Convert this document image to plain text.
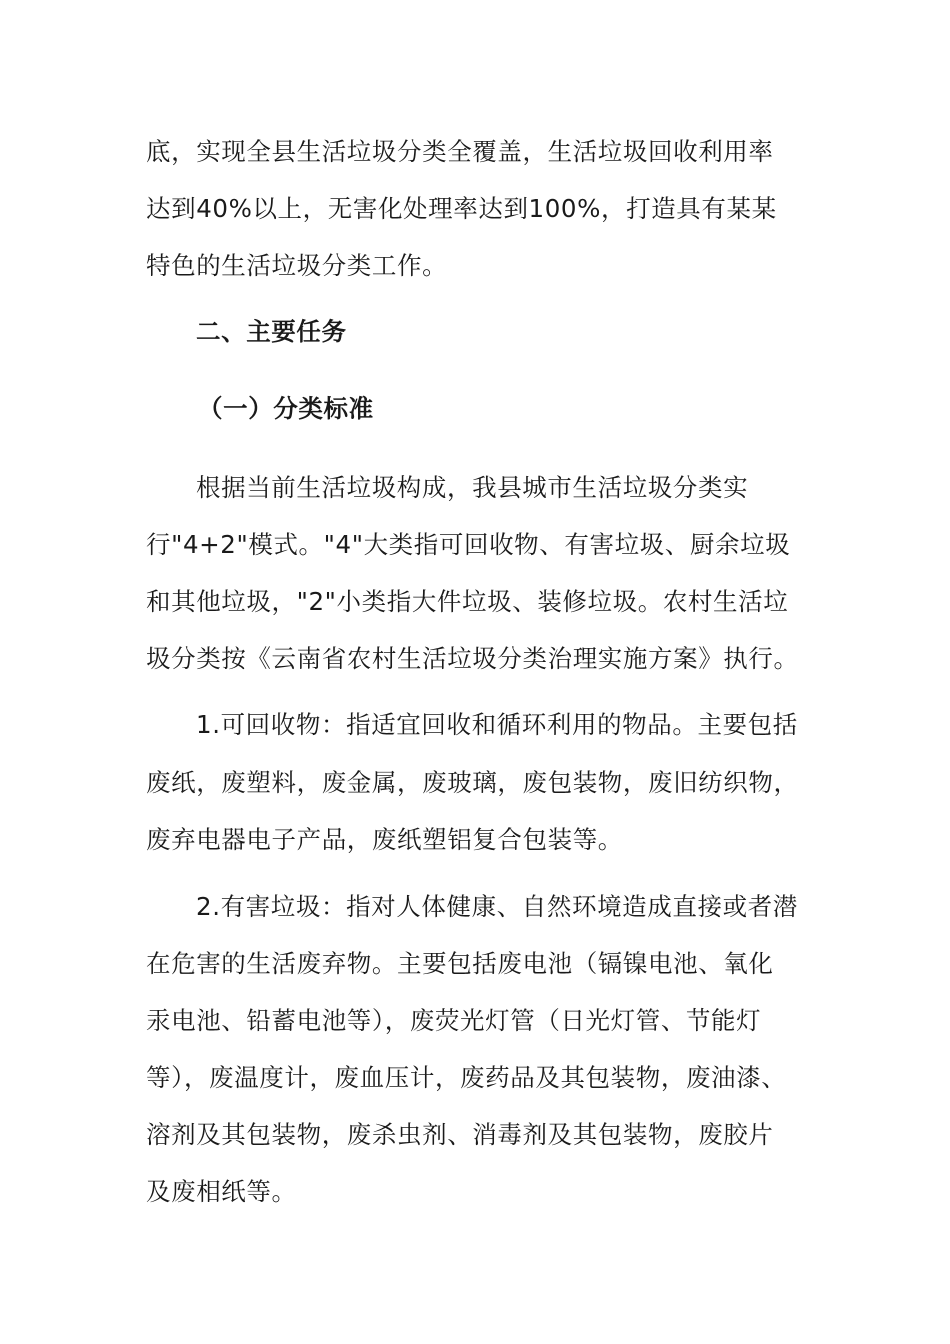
底，实现全县生活垃圾分类全覆盖，生活垃圾回收利用率
达到40%以上，无害化处理率达到100%，打造具有某某
特色的生活垃圾分类工作。
二、主要任务
（一）分类标准
根据当前生活垃圾构成，我县城市生活垃圾分类实
行"4+2"模式。"4"大类指可回收物、有害垃圾、厨余垃圾
和其他垃圾，"2"小类指大件垃圾、装修垃圾。农村生活垃
圾分类按《云南省农村生活垃圾分类治理实施方案》执行。
1.可回收物：指适宜回收和循环利用的物品。主要包括
废纸，废塑料，废金属，废玻璃，废包装物，废旧纺织物，
废弃电器电子产品，废纸塑铝复合包装等。
2.有害垃圾：指对人体健康、自然环境造成直接或者潜
在危害的生活废弃物。主要包括废电池（镉镍电池、氧化
汞电池、铅蓄电池等），废荧光灯管（日光灯管、节能灯
等），废温度计，废血压计，废药品及其包装物，废油漆、
溶剂及其包装物，废杀虫剂、消毒剂及其包装物，废胶片
及废相纸等。
